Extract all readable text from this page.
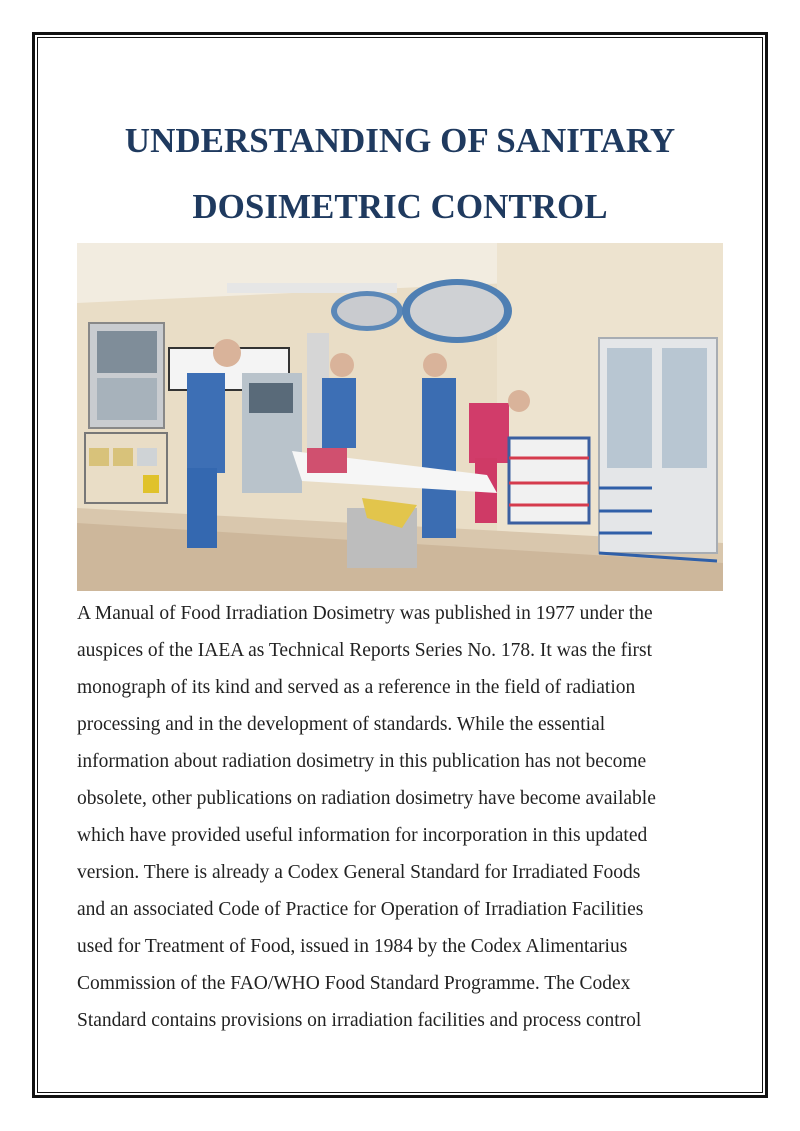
UNDERSTANDING OF SANITARY
DOSIMETRIC CONTROL
A Manual of Food Irradiation Dosimetry was published in 1977 under the
auspices of the IAEA as Technical Reports Series No. 178. It was the first
monograph of its kind and served as a reference in the field of radiation
processing and in the development of standards. While the essential
information about radiation dosimetry in this publication has not become
obsolete, other publications on radiation dosimetry have become available
which have provided useful information for incorporation in this updated
version. There is already a Codex General Standard for Irradiated Foods
and an associated Code of Practice for Operation of Irradiation Facilities
used for Treatment of Food, issued in 1984 by the Codex Alimentarius
Commission of the FAO/WHO Food Standard Programme. The Codex
Standard contains provisions on irradiation facilities and process control
